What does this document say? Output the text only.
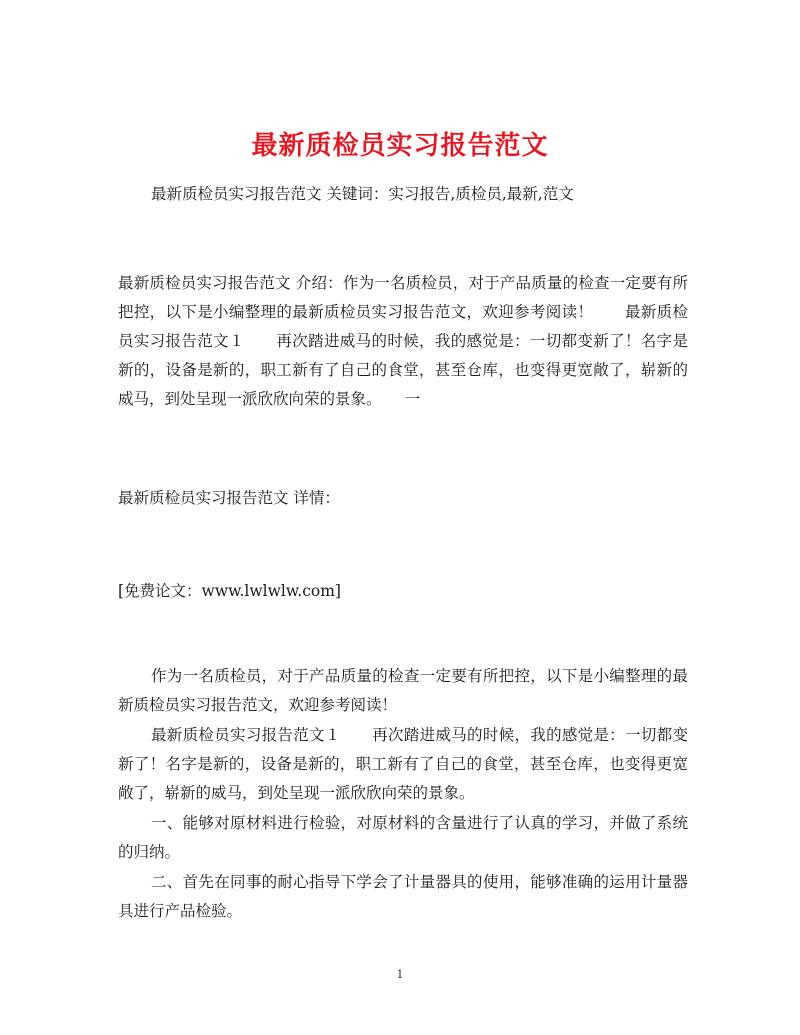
最新质检员实习报告范文

最新质检员实习报告范文 关键词：实习报告,质检员,最新,范文

最新质检员实习报告范文 介绍：作为一名质检员，对于产品质量的检查一定要有所把控，以下是小编整理的最新质检员实习报告范文，欢迎参考阅读！　　最新质检员实习报告范文１　　再次踏进威马的时候，我的感觉是：一切都变新了！名字是新的，设备是新的，职工新有了自己的食堂，甚至仓库，也变得更宽敞了，崭新的威马，到处呈现一派欣欣向荣的景象。　　一

最新质检员实习报告范文 详情：

[免费论文：www.lwlwlw.com]

作为一名质检员，对于产品质量的检查一定要有所把控，以下是小编整理的最新质检员实习报告范文，欢迎参考阅读！

最新质检员实习报告范文１　　再次踏进威马的时候，我的感觉是：一切都变新了！名字是新的，设备是新的，职工新有了自己的食堂，甚至仓库，也变得更宽敞了，崭新的威马，到处呈现一派欣欣向荣的景象。

一、能够对原材料进行检验，对原材料的含量进行了认真的学习，并做了系统的归纳。

二、首先在同事的耐心指导下学会了计量器具的使用，能够准确的运用计量器具进行产品检验。

1
